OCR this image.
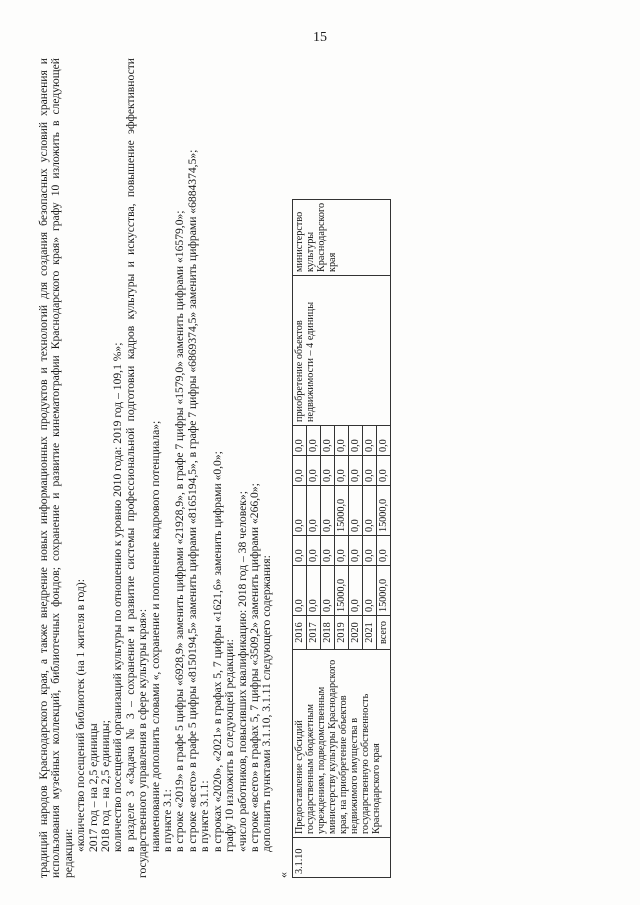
15

традиций народов Краснодарского края, а также внедрение новых информационных продуктов и технологий для создания безопасных условий хранения и использования музейных коллекций, библиотечных фондов; сохранение и развитие кинематографии Краснодарского края» графу 10 изложить в следующей редакции:

«количество посещений библиотек (на 1 жителя в год): 2017 год – на 2,5 единицы 2018 год – на 2,5 единицы; количество посещений организаций культуры по отношению к уровню 2010 года: 2019 год – 109,1 %»; в разделе 3 «Задача № 3 – сохранение и развитие системы профессиональной подготовки кадров культуры и искусства, повышение эффективности государственного управления в сфере культуры края»: наименование дополнить словами «, сохранение и пополнение кадрового потенциала»; в пункте 3.1: в строке «2019» в графе 5 цифры «6928,9» заменить цифрами «21928,9», в графе 7 цифры «1579,0» заменить цифрами «16579,0»; в строке «всего» в графе 5 цифры «8150194,5» заменить цифрами «8165194,5», в графе 7 цифры «6869374,5» заменить цифрами «6884374,5»; в пункте 3.1.1: в строках «2020», «2021» в графах 5, 7 цифры «1621,6» заменить цифрами «0,0»; графу 10 изложить в следующей редакции: «число работников, повысивших квалификацию: 2018 год – 38 человек»; в строке «всего» в графах 5, 7 цифры «3509,2» заменить цифрами «266,0»; дополнить пунктами 3.1.10, 3.1.11 следующего содержания:

«
3.1.10	Предоставление субсидий государственным бюджетным учреждениям, подведомственным министерству культуры Краснодарского края, на приобретение объектов недвижимого имущества в государственную собственность Краснодарского края	2016	0,0	0,0	0,0	0,0	0,0	приобретение объектов недвижимости – 4 единицы	министерство культуры Краснодарского края
		2017	0,0	0,0	0,0	0,0	0,0		
		2018	0,0	0,0	0,0	0,0	0,0		
		2019	15000,0	0,0	15000,0	0,0	0,0		
		2020	0,0	0,0	0,0	0,0	0,0		
		2021	0,0	0,0	0,0	0,0	0,0		
		всего	15000,0	0,0	15000,0	0,0	0,0		
